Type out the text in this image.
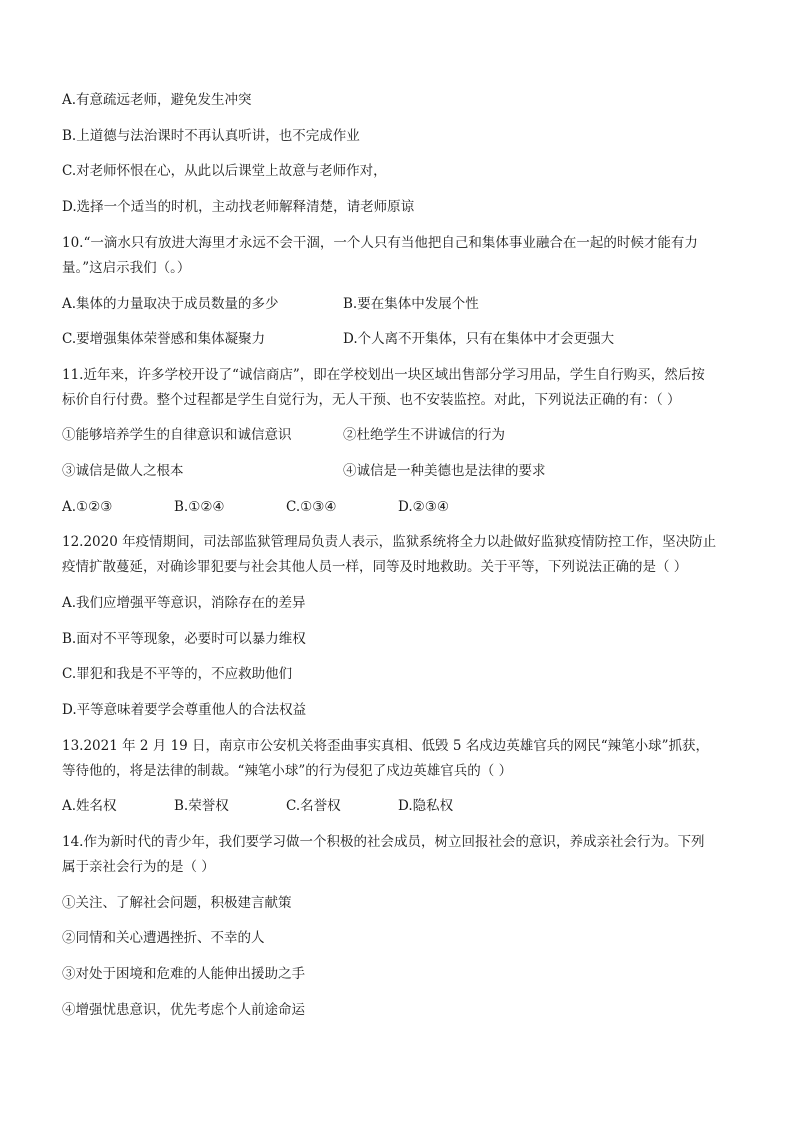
A.有意疏远老师，避免发生冲突
B.上道德与法治课时不再认真听讲，也不完成作业
C.对老师怀恨在心，从此以后课堂上故意与老师作对，
D.选择一个适当的时机，主动找老师解释清楚，请老师原谅
10.“一滴水只有放进大海里才永远不会干涸，一个人只有当他把自己和集体事业融合在一起的时候才能有力
量。”这启示我们（。）
A.集体的力量取决于成员数量的多少	B.要在集体中发展个性
C.要增强集体荣誉感和集体凝聚力	D.个人离不开集体，只有在集体中才会更强大
11.近年来，许多学校开设了“诚信商店”，即在学校划出一块区域出售部分学习用品，学生自行购买，然后按
标价自行付费。整个过程都是学生自觉行为，无人干预、也不安装监控。对此，下列说法正确的有：（ ）
①能够培养学生的自律意识和诚信意识	②杜绝学生不讲诚信的行为
③诚信是做人之根本	④诚信是一种美德也是法律的要求
A.①②③	B.①②④	C.①③④	D.②③④
12.2020 年疫情期间，司法部监狱管理局负责人表示，监狱系统将全力以赴做好监狱疫情防控工作，坚决防止
疫情扩散蔓延，对确诊罪犯要与社会其他人员一样，同等及时地救助。关于平等，下列说法正确的是（ ）
A.我们应增强平等意识，消除存在的差异
B.面对不平等现象，必要时可以暴力维权
C.罪犯和我是不平等的，不应救助他们
D.平等意味着要学会尊重他人的合法权益
13.2021 年 2 月 19 日，南京市公安机关将歪曲事实真相、低毁 5 名戍边英雄官兵的网民“辣笔小球”抓获，
等待他的，将是法律的制裁。“辣笔小球”的行为侵犯了戍边英雄官兵的（ ）
A.姓名权	B.荣誉权	C.名誉权	D.隐私权
14.作为新时代的青少年，我们要学习做一个积极的社会成员，树立回报社会的意识，养成亲社会行为。下列
属于亲社会行为的是（ ）
①关注、了解社会问题，积极建言献策
②同情和关心遭遇挫折、不幸的人
③对处于困境和危难的人能伸出援助之手
④增强忧患意识，优先考虑个人前途命运
